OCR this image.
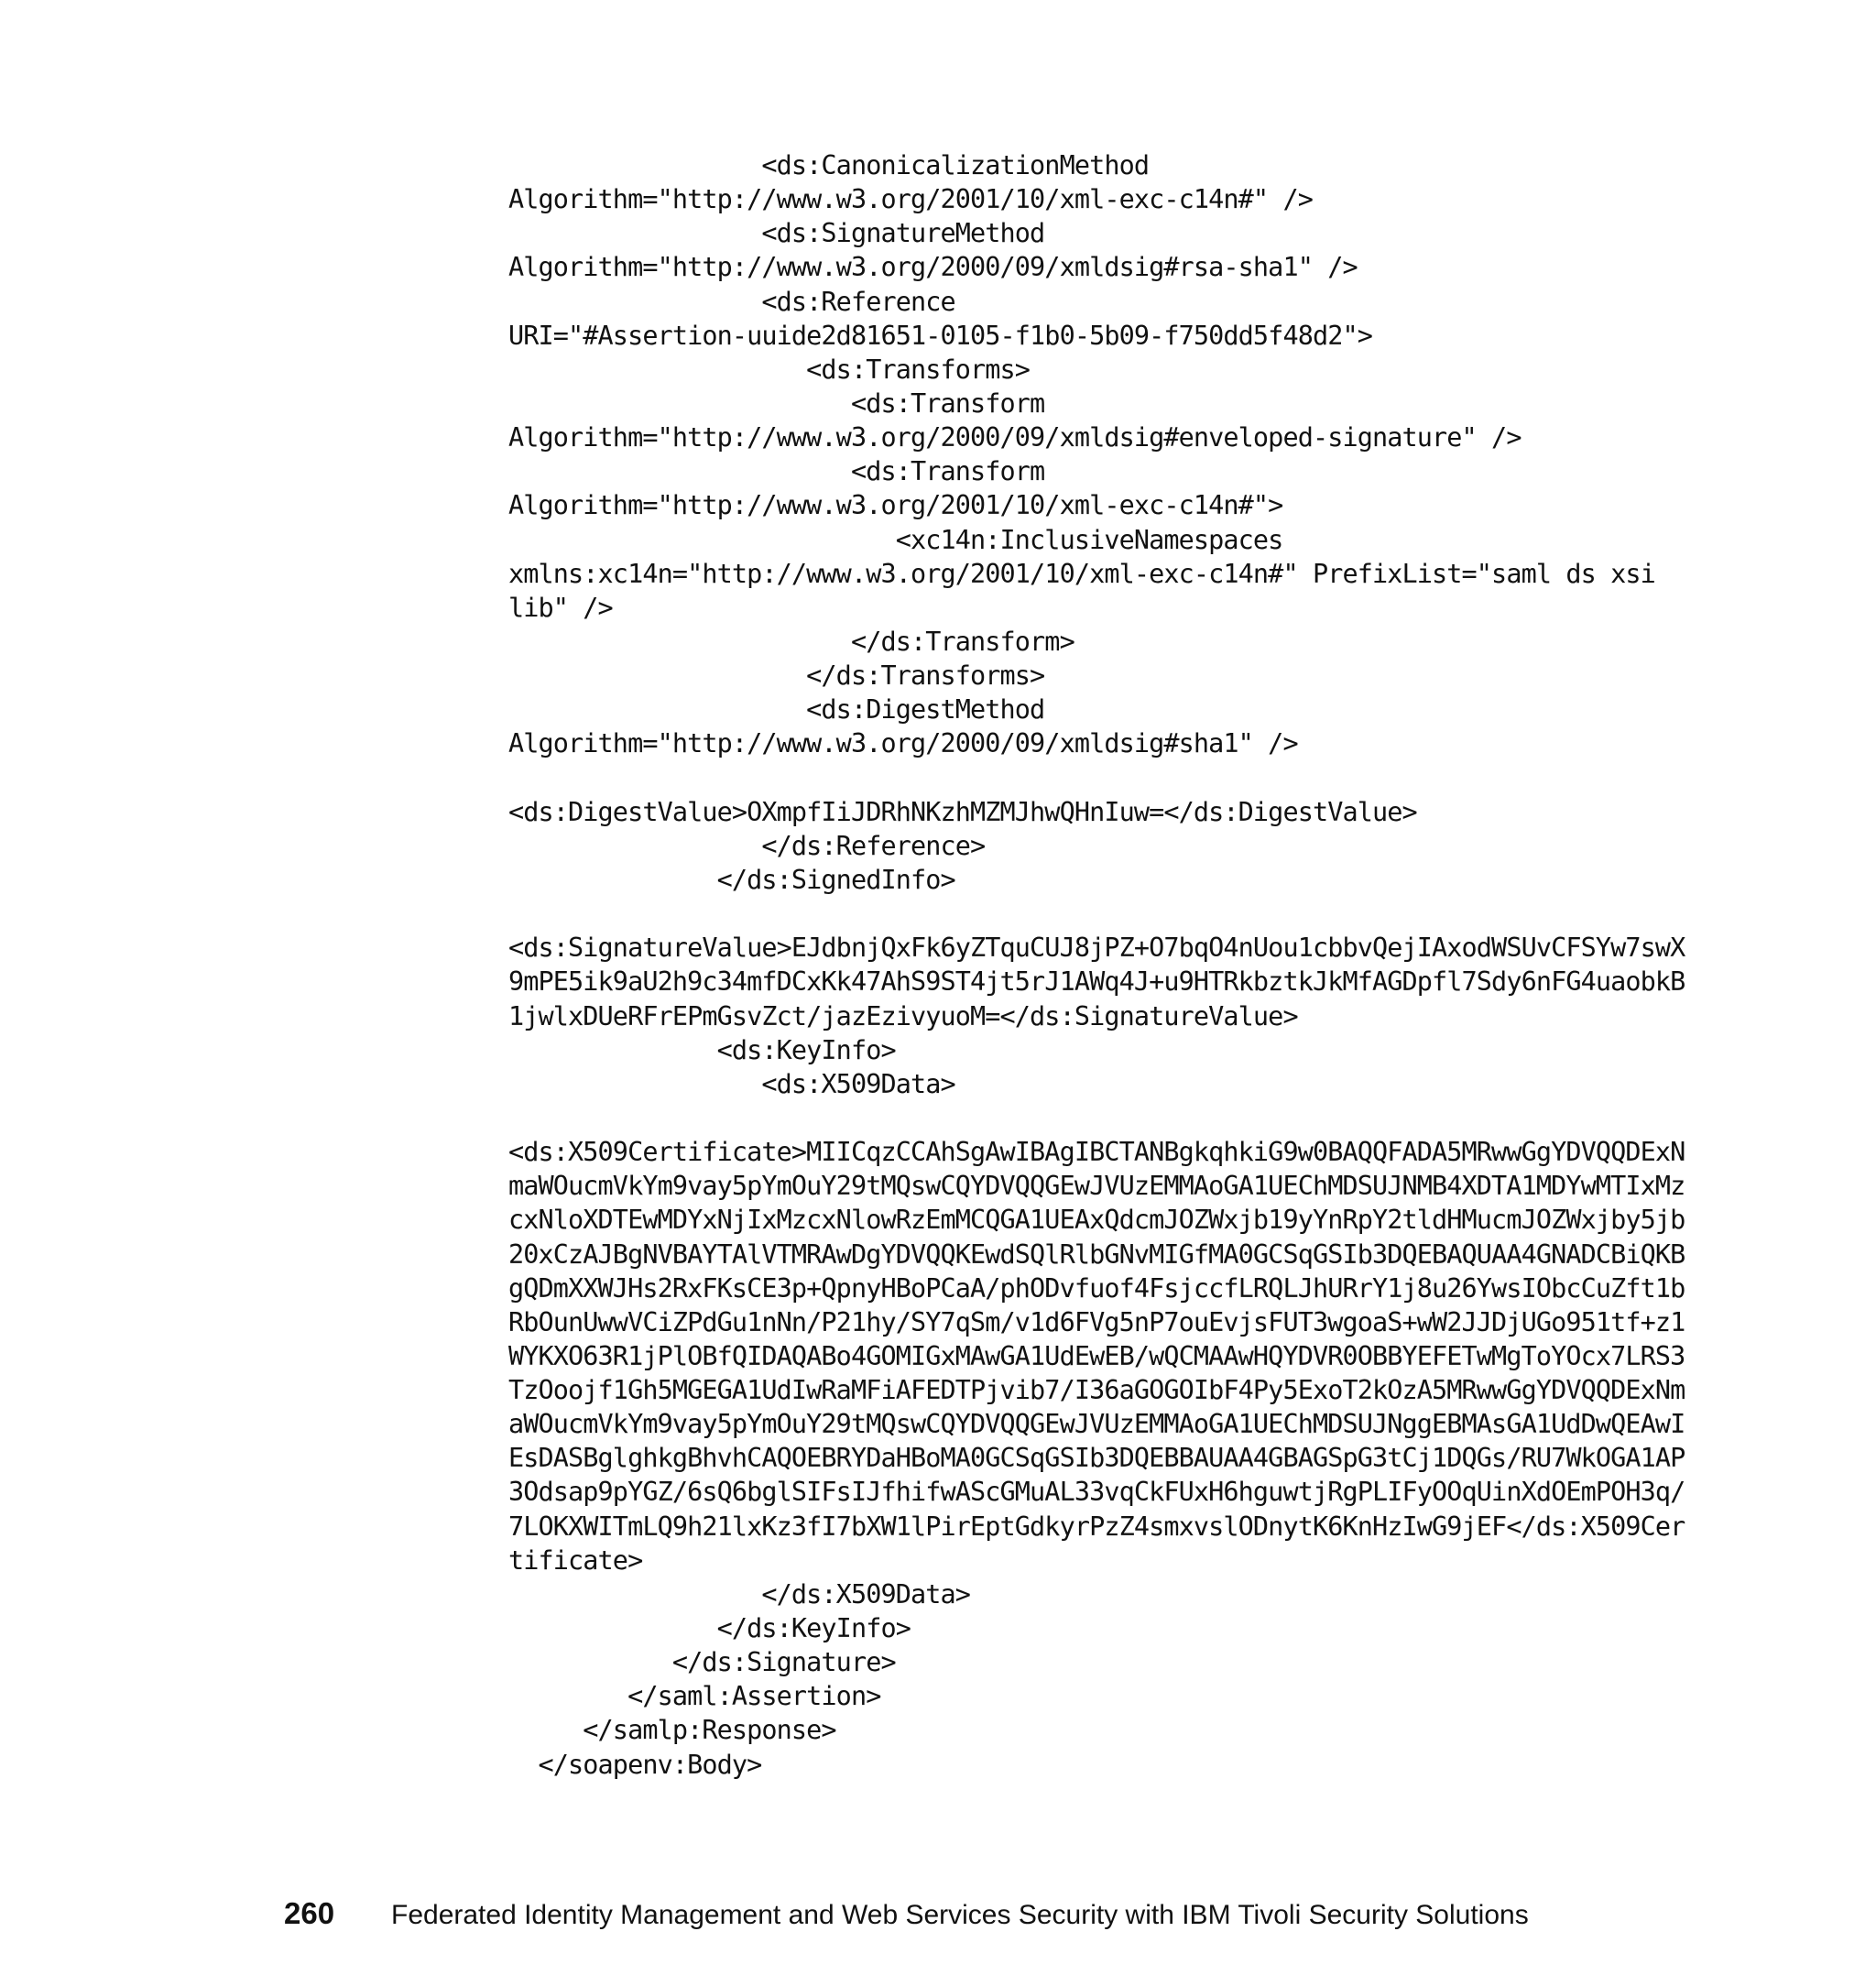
<ds:CanonicalizationMethod
Algorithm="http://www.w3.org/2001/10/xml-exc-c14n#" />
<ds:SignatureMethod
Algorithm="http://www.w3.org/2000/09/xmldsig#rsa-sha1" />
<ds:Reference
URI="#Assertion-uuide2d81651-0105-f1b0-5b09-f750dd5f48d2">
<ds:Transforms>
<ds:Transform
Algorithm="http://www.w3.org/2000/09/xmldsig#enveloped-signature" />
<ds:Transform
Algorithm="http://www.w3.org/2001/10/xml-exc-c14n#">
<xc14n:InclusiveNamespaces
xmlns:xc14n="http://www.w3.org/2001/10/xml-exc-c14n#" PrefixList="saml ds xsi
lib" />
</ds:Transform>
</ds:Transforms>
<ds:DigestMethod
Algorithm="http://www.w3.org/2000/09/xmldsig#sha1" />
<ds:DigestValue>OXmpfIiJDRhNKzhMZMJhwQHnIuw=</ds:DigestValue>
</ds:Reference>
</ds:SignedInfo>
<ds:SignatureValue>EJdbnjQxFk6yZTquCUJ8jPZ+O7bqO4nUou1cbbvQejIAxodWSUvCFSYw7swX
9mPE5ik9aU2h9c34mfDCxKk47AhS9ST4jt5rJ1AWq4J+u9HTRkbztkJkMfAGDpfl7Sdy6nFG4uaobkB
1jwlxDUeRFrEPmGsvZct/jazEzivyuoM=</ds:SignatureValue>
<ds:KeyInfo>
<ds:X509Data>
<ds:X509Certificate>MIICqzCCAhSgAwIBAgIBCTANBgkqhkiG9w0BAQQFADA5MRwwGgYDVQQDExN
maWOucmVkYm9vay5pYmOuY29tMQswCQYDVQQGEwJVUzEMMAoGA1UEChMDSUJNMB4XDTA1MDYwMTIxMz
cxNloXDTEwMDYxNjIxMzcxNlowRzEmMCQGA1UEAxQdcmJOZWxjb19yYnRpY2tldHMucmJOZWxjby5jb
20xCzAJBgNVBAYTAlVTMRAwDgYDVQQKEwdSQlRlbGNvMIGfMA0GCSqGSIb3DQEBAQUAA4GNADCBiQKB
gQDmXXWJHs2RxFKsCE3p+QpnyHBoPCaA/phODvfuof4FsjccfLRQLJhURrY1j8u26YwsIObcCuZft1b
RbOunUwwVCiZPdGu1nNn/P21hy/SY7qSm/v1d6FVg5nP7ouEvjsFUT3wgoaS+wW2JJDjUGo951tf+z1
WYKXO63R1jPlOBfQIDAQABo4GOMIGxMAwGA1UdEwEB/wQCMAAwHQYDVR0OBBYEFETwMgToYOcx7LRS3
TzOoojf1Gh5MGEGA1UdIwRaMFiAFEDTPjvib7/I36aGOGOIbF4Py5ExoT2kOzA5MRwwGgYDVQQDExNm
aWOucmVkYm9vay5pYmOuY29tMQswCQYDVQQGEwJVUzEMMAoGA1UEChMDSUJNggEBMAsGA1UdDwQEAwI
EsDASBglghkgBhvhCAQOEBRYDaHBoMA0GCSqGSIb3DQEBBAUAA4GBAGSpG3tCj1DQGs/RU7WkOGA1AP
3Odsap9pYGZ/6sQ6bglSIFsIJfhifwAScGMuAL33vqCkFUxH6hguwtjRgPLIFyOOqUinXdOEmPOH3q/
7LOKXWITmLQ9h21lxKz3fI7bXW1lPirEptGdkyrPzZ4smxvslODnytK6KnHzIwG9jEF</ds:X509Cer
tificate>
</ds:X509Data>
</ds:KeyInfo>
</ds:Signature>
</saml:Assertion>
</samlp:Response>
</soapenv:Body>
260 Federated Identity Management and Web Services Security with IBM Tivoli Security Solutions
